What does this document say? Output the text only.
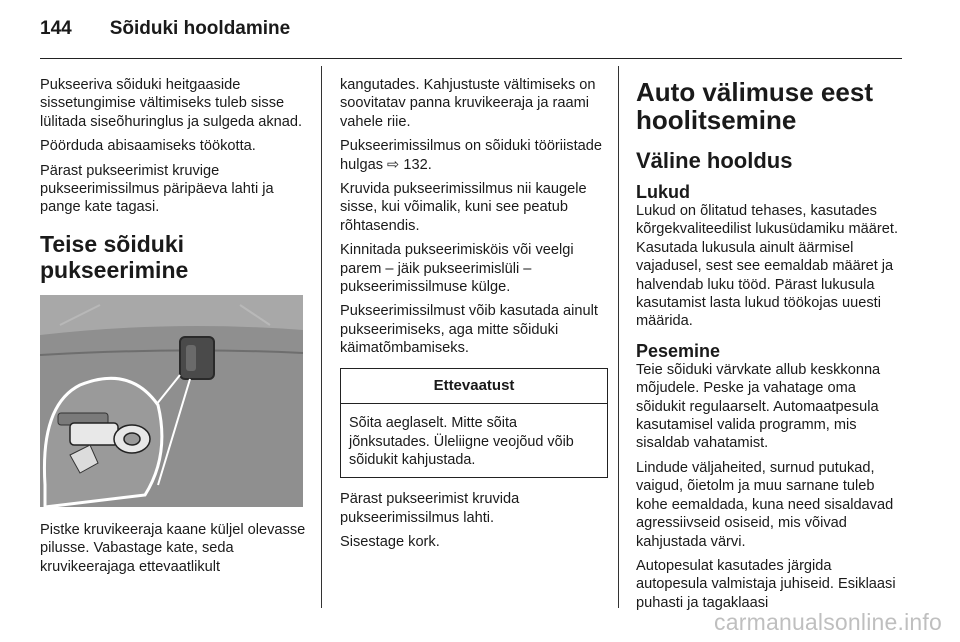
144 Sõiduki hooldamine

Pukseeriva sõiduki heitgaaside sissetungimise vältimiseks tuleb sisse lülitada siseõhuringlus ja sulgeda aknad.

Pöörduda abisaamiseks töökotta.

Pärast pukseerimist kruvige pukseerimissilmus päripäeva lahti ja pange kate tagasi.

Teise sõiduki pukseerimine

Pistke kruvikeeraja kaane küljel olevasse pilusse. Vabastage kate, seda kruvikeerajaga ettevaatlikult

kangutades. Kahjustuste vältimiseks on soovitatav panna kruvikeeraja ja raami vahele riie.

Pukseerimissilmus on sõiduki tööriistade hulgas ⇨ 132.

Kruvida pukseerimissilmus nii kaugele sisse, kui võimalik, kuni see peatub rõhtasendis.

Kinnitada pukseerimisköis või veelgi parem – jäik pukseerimislüli – pukseerimissilmuse külge.

Pukseerimissilmust võib kasutada ainult pukseerimiseks, aga mitte sõiduki käimatõmbamiseks.

Ettevaatust
Sõita aeglaselt. Mitte sõita jõnksutades. Üleliigne veojõud võib sõidukit kahjustada.

Pärast pukseerimist kruvida pukseerimissilmus lahti.

Sisestage kork.

Auto välimuse eest hoolitsemine
Väline hooldus
Lukud

Lukud on õlitatud tehases, kasutades kõrgekvaliteedilist lukusüdamiku määret. Kasutada lukusula ainult äärmisel vajadusel, sest see eemaldab määret ja halvendab luku tööd. Pärast lukusula kasutamist lasta lukud töökojas uuesti määrida.

Pesemine

Teie sõiduki värvkate allub keskkonna mõjudele. Peske ja vahatage oma sõidukit regulaarselt. Automaatpesula kasutamisel valida programm, mis sisaldab vahatamist.

Lindude väljaheited, surnud putukad, vaigud, õietolm ja muu sarnane tuleb kohe eemaldada, kuna need sisaldavad agressiivseid osiseid, mis võivad kahjustada värvi.

Autopesulat kasutades järgida autopesula valmistaja juhiseid. Esiklaasi puhasti ja tagaklaasi

carmanualsonline.info
